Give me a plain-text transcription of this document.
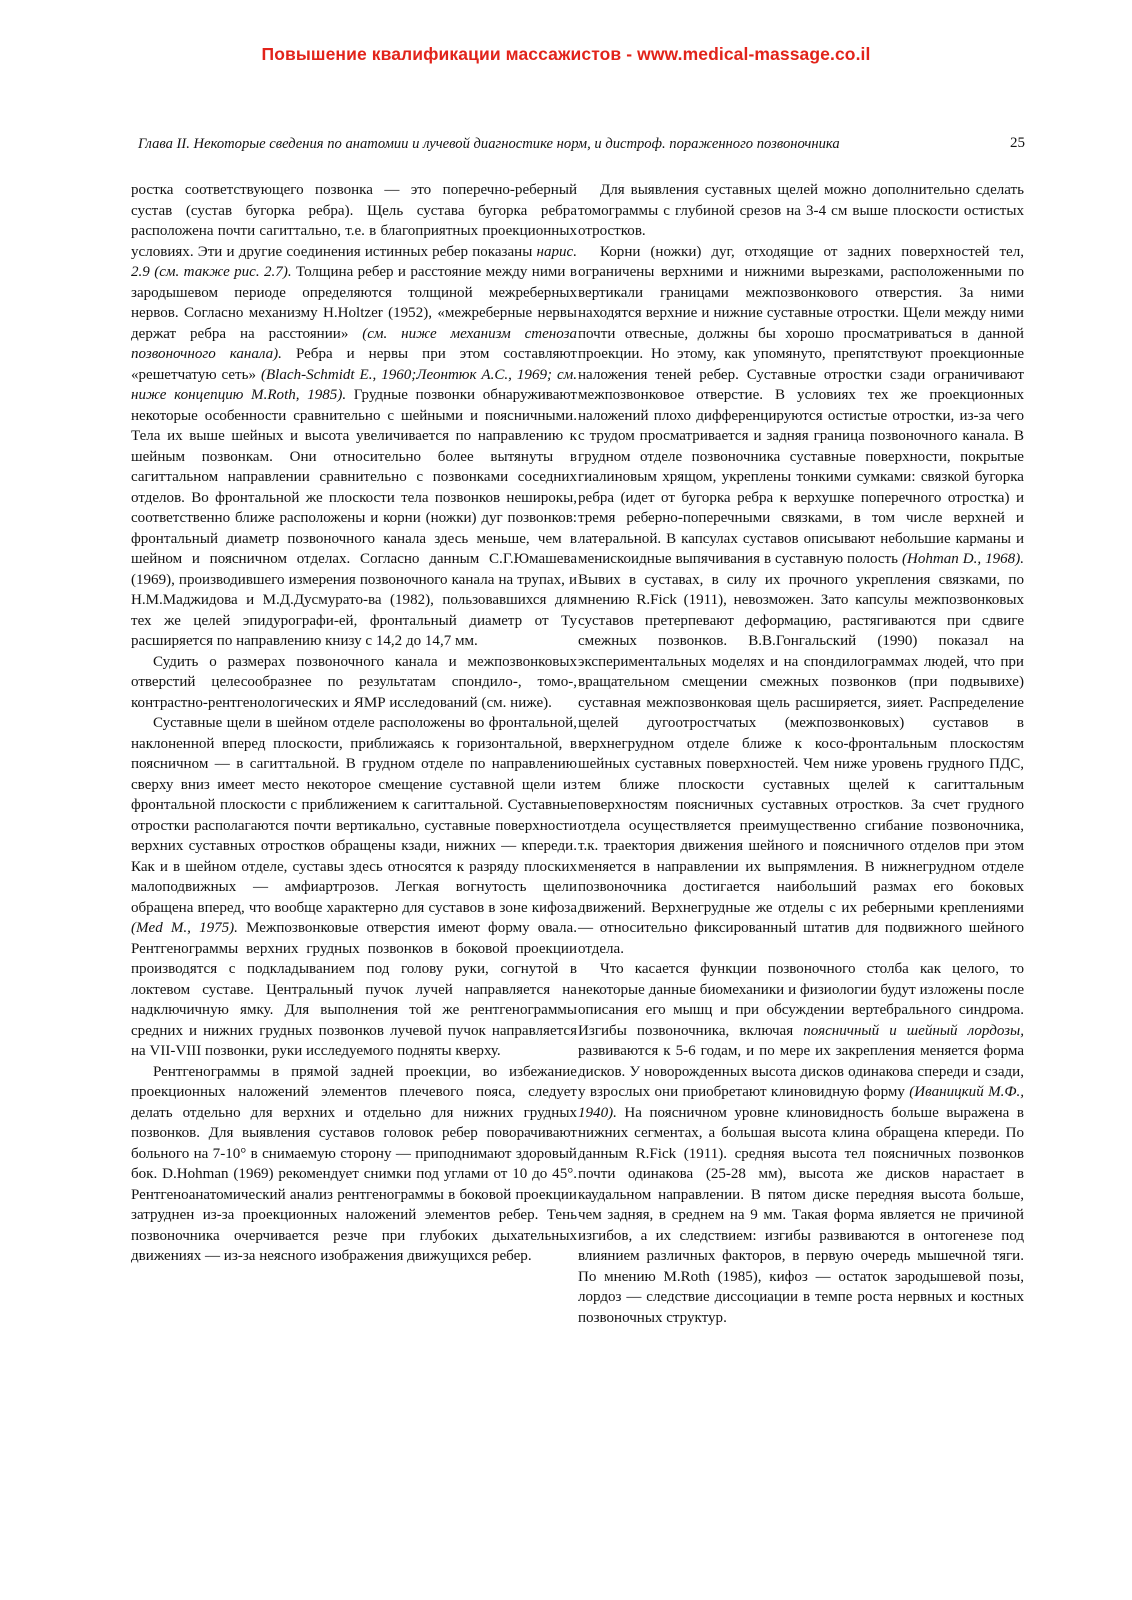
Повышение квалификации массажистов - www.medical-massage.co.il
Глава II. Некоторые сведения по анатомии и лучевой диагностике норм, и дистроф. пораженного позвоночника	25

ростка соответствующего позвонка — это поперечно-реберный сустав (сустав бугорка ребра). Щель сустава бугорка ребра расположена почти сагиттально, т.е. в благоприятных проекционных условиях. Эти и другие соединения истинных ребер показаны нарис. 2.9 (см. также рис. 2.7). Толщина ребер и расстояние между ними в зародышевом периоде определяются толщиной межреберных нервов. Согласно механизму H.Holtzer (1952), «межреберные нервы держат ребра на расстоянии» (см. ниже механизм стеноза позвоночного канала). Ребра и нервы при этом составляют «решетчатую сеть» (Blach-Schmidt E., 1960;Леонтюк А.С., 1969; см. ниже концепцию M.Roth, 1985). Грудные позвонки обнаруживают некоторые особенности сравнительно с шейными и поясничными. Тела их выше шейных и высота увеличивается по направлению к шейным позвонкам. Они относительно более вытянуты в сагиттальном направлении сравнительно с позвонками соседних отделов. Во фронтальной же плоскости тела позвонков неширокы, соответственно ближе расположены и корни (ножки) дуг позвонков: фронтальный диаметр позвоночного канала здесь меньше, чем в шейном и поясничном отделах. Согласно данным С.Г.Юмашева (1969), производившего измерения позвоночного канала на трупах, и Н.М.Маджидова и М.Д.Дусмурато-ва (1982), пользовавшихся для тех же целей эпидурографи-ей, фронтальный диаметр от Ту расширяется по направлению книзу с 14,2 до 14,7 мм.

Судить о размерах позвоночного канала и межпозвонковых отверстий целесообразнее по результатам спондило-, томо-, контрастно-рентгенологических и ЯМР исследований (см. ниже).

Суставные щели в шейном отделе расположены во фронтальной, наклоненной вперед плоскости, приближаясь к горизонтальной, в поясничном — в сагиттальной. В грудном отделе по направлению сверху вниз имеет место некоторое смещение суставной щели из фронтальной плоскости с приближением к сагиттальной. Суставные отростки располагаются почти вертикально, суставные поверхности верхних суставных отростков обращены кзади, нижних — кпереди. Как и в шейном отделе, суставы здесь относятся к разряду плоских малоподвижных — амфиартрозов. Легкая вогнутость щели обращена вперед, что вообще характерно для суставов в зоне кифоза (Med M., 1975). Межпозвонковые отверстия имеют форму овала. Рентгенограммы верхних грудных позвонков в боковой проекции производятся с подкладыванием под голову руки, согнутой в локтевом суставе. Центральный пучок лучей направляется на надключичную ямку. Для выполнения той же рентгенограммы средних и нижних грудных позвонков лучевой пучок направляется на VII-VIII позвонки, руки исследуемого подняты кверху.

Рентгенограммы в прямой задней проекции, во избежание проекционных наложений элементов плечевого пояса, следует делать отдельно для верхних и отдельно для нижних грудных позвонков. Для выявления суставов головок ребер поворачивают больного на 7-10° в снимаемую сторону — приподнимают здоровый бок. D.Hohman (1969) рекомендует снимки под углами от 10 до 45°. Рентгеноанатомический анализ рентгенограммы в боковой проекции затруднен из-за проекционных наложений элементов ребер. Тень позвоночника очерчивается резче при глубоких дыхательных движениях — из-за неясного изображения движущихся ребер.

Для выявления суставных щелей можно дополнительно сделать томограммы с глубиной срезов на 3-4 см выше плоскости остистых отростков.

Корни (ножки) дуг, отходящие от задних поверхностей тел, ограничены верхними и нижними вырезками, расположенными по вертикали границами межпозвонкового отверстия. За ними находятся верхние и нижние суставные отростки. Щели между ними почти отвесные, должны бы хорошо просматриваться в данной проекции. Но этому, как упомянуто, препятствуют проекционные наложения теней ребер. Суставные отростки сзади ограничивают межпозвонковое отверстие. В условиях тех же проекционных наложений плохо дифференцируются остистые отростки, из-за чего с трудом просматривается и задняя граница позвоночного канала. В грудном отделе позвоночника суставные поверхности, покрытые гиалиновым хрящом, укреплены тонкими сумками: связкой бугорка ребра (идет от бугорка ребра к верхушке поперечного отростка) и тремя реберно-поперечными связками, в том числе верхней и латеральной. В капсулах суставов описывают небольшие карманы и менискоидные выпячивания в суставную полость (Hohman D., 1968). Вывих в суставах, в силу их прочного укрепления связками, по мнению R.Fick (1911), невозможен. Зато капсулы межпозвонковых суставов претерпевают деформацию, растягиваются при сдвиге смежных позвонков. В.В.Гонгальский (1990) показал на экспериментальных моделях и на спондилограммах людей, что при вращательном смещении смежных позвонков (при подвывихе) суставная межпозвонковая щель расширяется, зияет. Распределение щелей дугоотростчатых (межпозвонковых) суставов в верхнегрудном отделе ближе к косо-фронтальным плоскостям шейных суставных поверхностей. Чем ниже уровень грудного ПДС, тем ближе плоскости суставных щелей к сагиттальным поверхностям поясничных суставных отростков. За счет грудного отдела осуществляется преимущественно сгибание позвоночника, т.к. траектория движения шейного и поясничного отделов при этом меняется в направлении их выпрямления. В нижнегрудном отделе позвоночника достигается наибольший размах его боковых движений. Верхнегрудные же отделы с их реберными креплениями — относительно фиксированный штатив для подвижного шейного отдела.

Что касается функции позвоночного столба как целого, то некоторые данные биомеханики и физиологии будут изложены после описания его мышц и при обсуждении вертебрального синдрома. Изгибы позвоночника, включая поясничный и шейный лордозы, развиваются к 5-6 годам, и по мере их закрепления меняется форма дисков. У новорожденных высота дисков одинакова спереди и сзади, у взрослых они приобретают клиновидную форму (Иваницкий М.Ф., 1940). На поясничном уровне клиновидность больше выражена в нижних сегментах, а большая высота клина обращена кпереди. По данным R.Fick (1911). средняя высота тел поясничных позвонков почти одинакова (25-28 мм), высота же дисков нарастает в каудальном направлении. В пятом диске передняя высота больше, чем задняя, в среднем на 9 мм. Такая форма является не причиной изгибов, а их следствием: изгибы развиваются в онтогенезе под влиянием различных факторов, в первую очередь мышечной тяги. По мнению M.Roth (1985), кифоз — остаток зародышевой позы, лордоз — следствие диссоциации в темпе роста нервных и костных позвоночных структур.
